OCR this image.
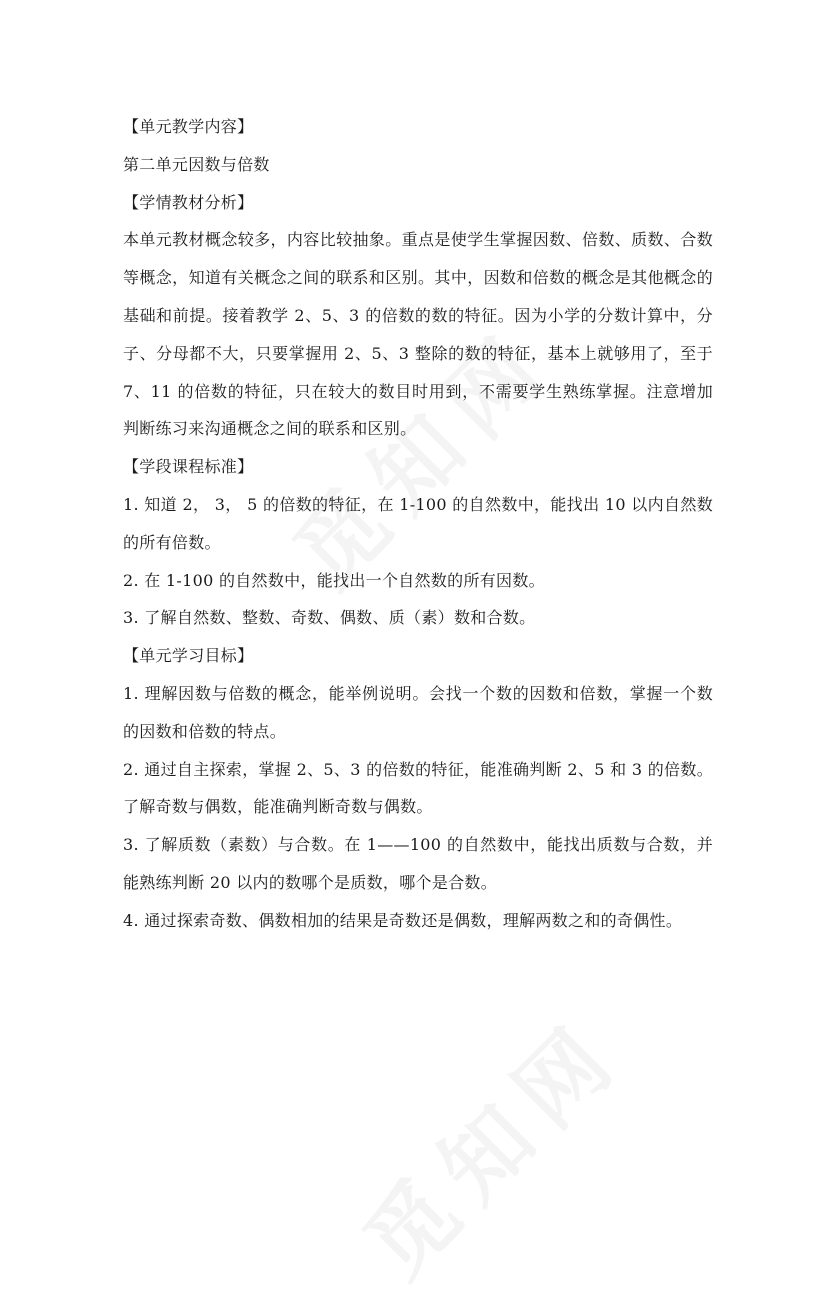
【单元教学内容】

第二单元因数与倍数

【学情教材分析】

本单元教材概念较多，内容比较抽象。重点是使学生掌握因数、倍数、质数、合数等概念，知道有关概念之间的联系和区别。其中，因数和倍数的概念是其他概念的基础和前提。接着教学 2、5、3 的倍数的数的特征。因为小学的分数计算中，分子、分母都不大，只要掌握用 2、5、3 整除的数的特征，基本上就够用了，至于 7、11 的倍数的特征，只在较大的数目时用到，不需要学生熟练掌握。注意增加判断练习来沟通概念之间的联系和区别。

【学段课程标准】

1. 知道 2， 3， 5 的倍数的特征，在 1-100 的自然数中，能找出 10 以内自然数的所有倍数。

2. 在 1-100 的自然数中，能找出一个自然数的所有因数。

3. 了解自然数、整数、奇数、偶数、质（素）数和合数。

【单元学习目标】

1. 理解因数与倍数的概念，能举例说明。会找一个数的因数和倍数，掌握一个数的因数和倍数的特点。

2. 通过自主探索，掌握 2、5、3 的倍数的特征，能准确判断 2、5 和 3 的倍数。了解奇数与偶数，能准确判断奇数与偶数。

3. 了解质数（素数）与合数。在 1——100 的自然数中，能找出质数与合数，并能熟练判断 20 以内的数哪个是质数，哪个是合数。

4. 通过探索奇数、偶数相加的结果是奇数还是偶数，理解两数之和的奇偶性。
